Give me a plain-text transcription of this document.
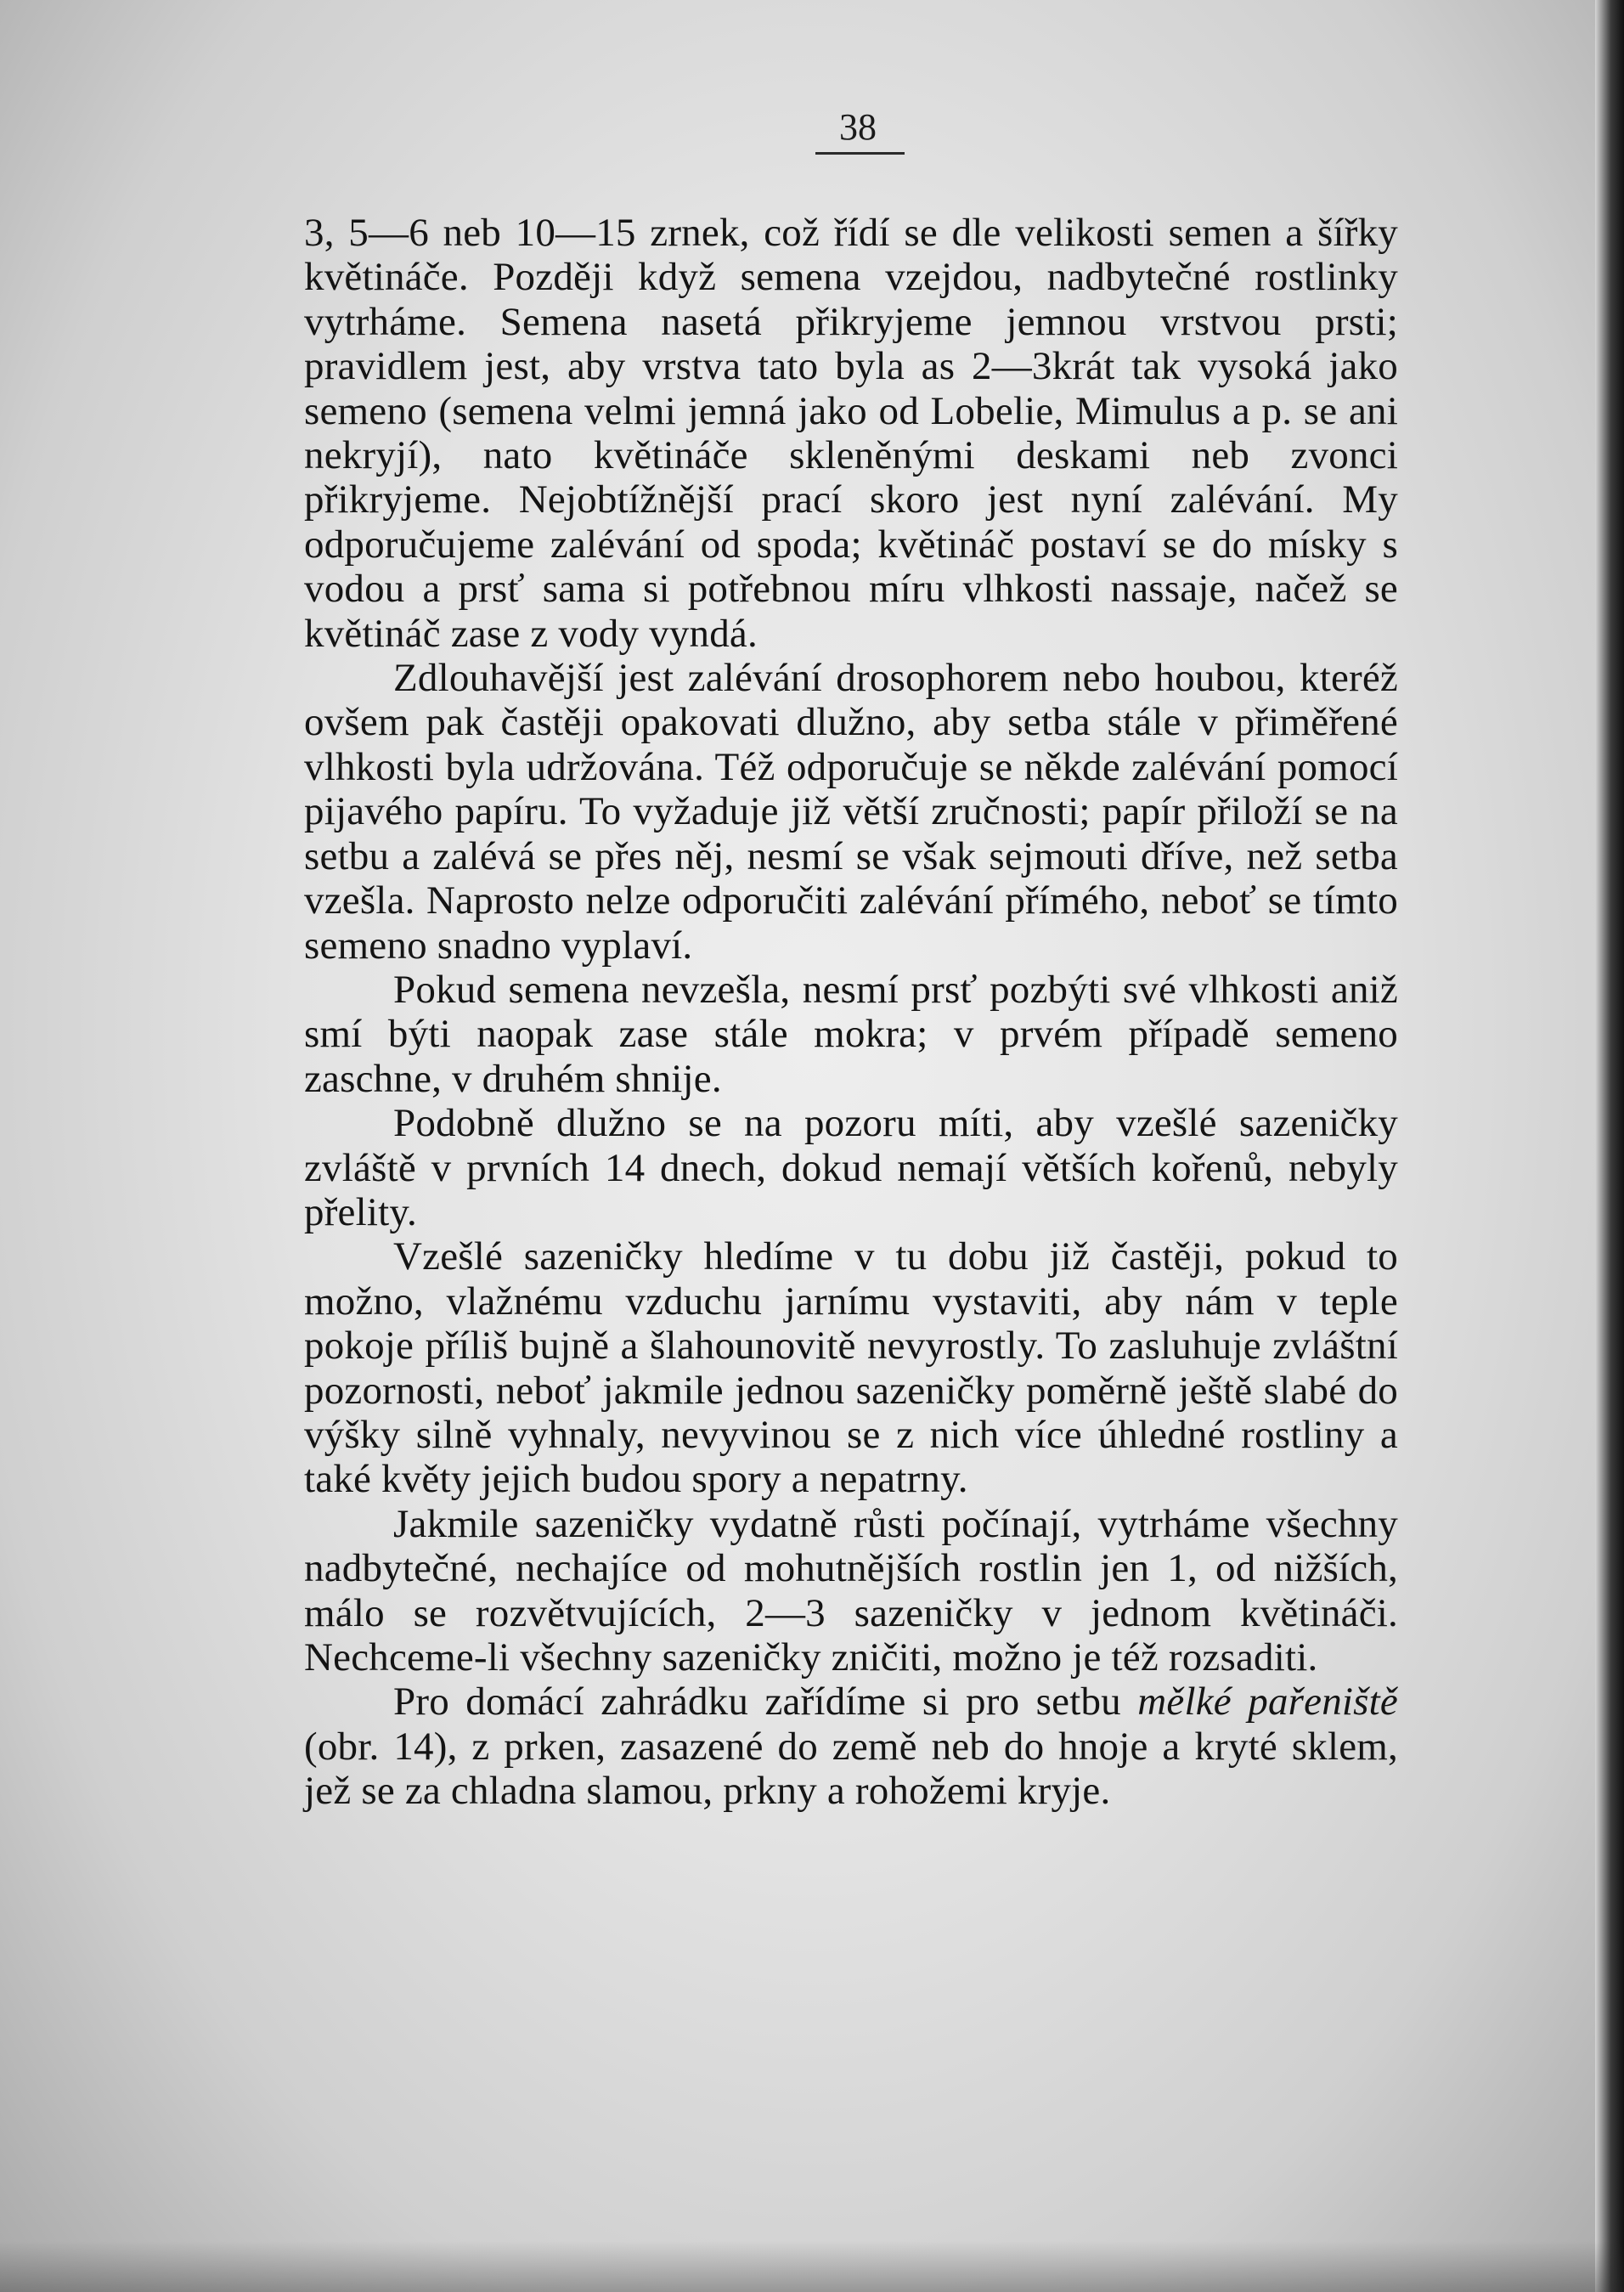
38

3, 5—6 neb 10—15 zrnek, což řídí se dle velikosti semen a šířky květináče. Později když semena vzejdou, nadbytečné rostlinky vytrháme. Semena nasetá přikryjeme jemnou vrstvou prsti; pravidlem jest, aby vrstva tato byla as 2—3krát tak vysoká jako semeno (semena velmi jemná jako od Lobelie, Mimulus a p. se ani nekryjí), nato květináče skleněnými deskami neb zvonci přikryjeme. Nejobtížnější prací skoro jest nyní zalévání. My odporučujeme zalévání od spoda; květináč postaví se do mísky s vodou a prsť sama si potřebnou míru vlhkosti nassaje, načež se květináč zase z vody vyndá.

Zdlouhavější jest zalévání drosophorem nebo houbou, kteréž ovšem pak častěji opakovati dlužno, aby setba stále v přiměřené vlhkosti byla udržována. Též odporučuje se někde zalévání pomocí pijavého papíru. To vyžaduje již větší zručnosti; papír přiloží se na setbu a zalévá se přes něj, nesmí se však sejmouti dříve, než setba vzešla. Naprosto nelze odporučiti zalévání přímého, neboť se tímto semeno snadno vyplaví.

Pokud semena nevzešla, nesmí prsť pozbýti své vlhkosti aniž smí býti naopak zase stále mokra; v prvém případě semeno zaschne, v druhém shnije.

Podobně dlužno se na pozoru míti, aby vzešlé sazeničky zvláště v prvních 14 dnech, dokud nemají větších kořenů, nebyly přelity.

Vzešlé sazeničky hledíme v tu dobu již častěji, pokud to možno, vlažnému vzduchu jarnímu vystaviti, aby nám v teple pokoje příliš bujně a šlahounovitě nevyrostly. To zasluhuje zvláštní pozornosti, neboť jakmile jednou sazeničky poměrně ještě slabé do výšky silně vyhnaly, nevyvinou se z nich více úhledné rostliny a také květy jejich budou spory a nepatrny.

Jakmile sazeničky vydatně růsti počínají, vytrháme všechny nadbytečné, nechajíce od mohutnějších rostlin jen 1, od nižších, málo se rozvětvujících, 2—3 sazeničky v jednom květináči. Nechceme-li všechny sazeničky zničiti, možno je též rozsaditi.

Pro domácí zahrádku zařídíme si pro setbu mělké pařeniště (obr. 14), z prken, zasazené do země neb do hnoje a kryté sklem, jež se za chladna slamou, prkny a rohožemi kryje.
